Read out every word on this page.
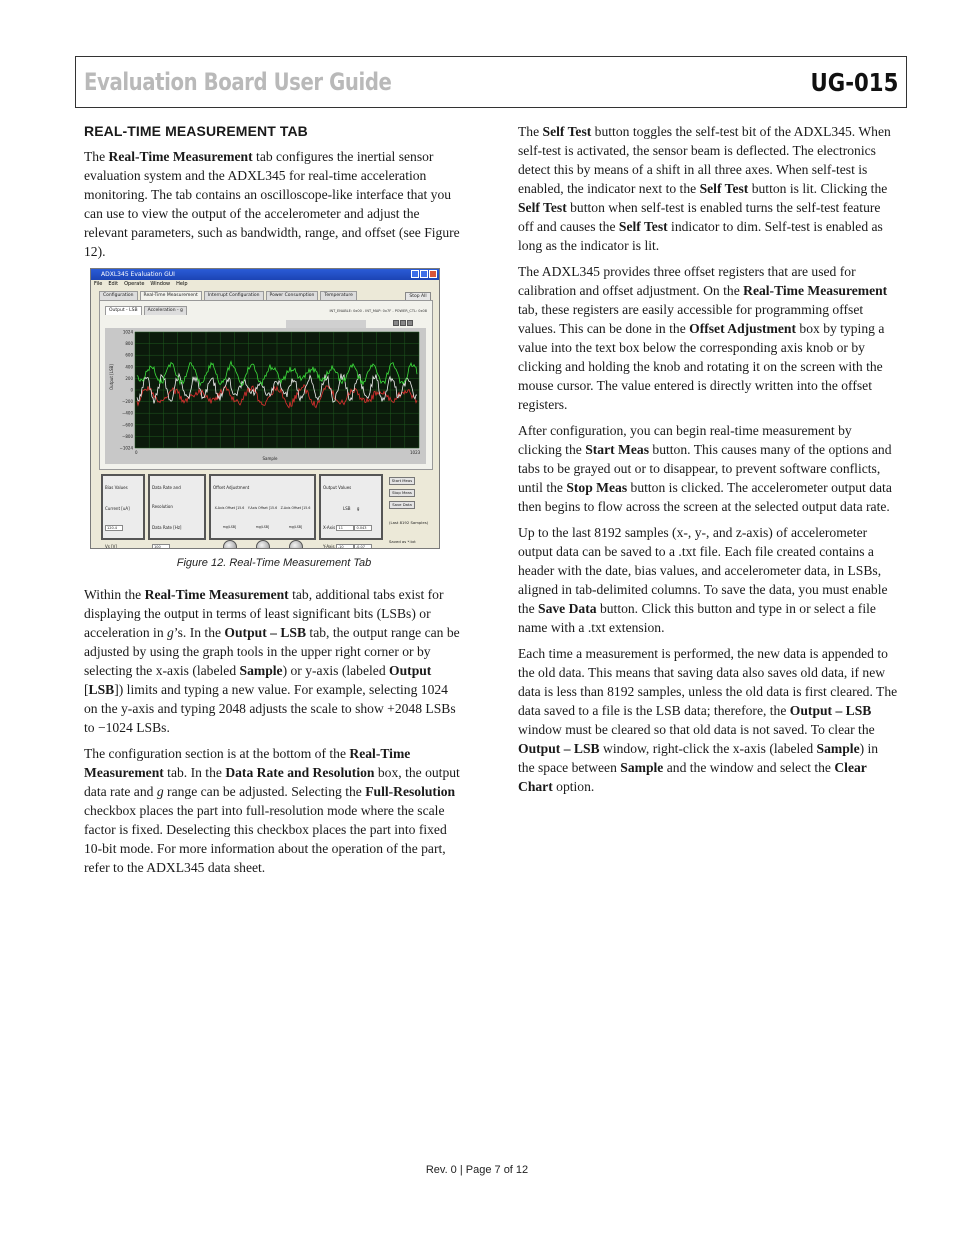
Evaluation Board User Guide	UG-015
REAL-TIME MEASUREMENT TAB

The Real-Time Measurement tab configures the inertial sensor evaluation system and the ADXL345 for real-time acceleration monitoring. The tab contains an oscilloscope-like interface that you can use to view the output of the accelerometer and adjust the relevant parameters, such as bandwidth, range, and offset (see Figure 12).

ADXL345 Evaluation GUI
File Edit Operate Window Help
Configuration	Real-Time Measurement	Interrupt Configuration	Power Consumption	Temperature	Stop All
INT_ENABLE: 0x00 - INT_MAP: 0x7F - POWER_CTL: 0x08
Output - LSB	Acceleration - g
1024
800
600
400
200
0
−200
−400
−600
−800
−1024
Output [LSB]
0	1023
Sample
Bias Values
Current [uA]
120.4
Vs [V]
Data Rate and Resolution
Data Rate [Hz]
100
Offset Adjustment
X-Axis Offset [15.6 mg/LSB]
Y-Axis Offset [15.6 mg/LSB]
Z-Axis Offset [15.6 mg/LSB]
Output Values
LSB g
X-Axis 11	0.043
Y-Axis -10	-0.07
Start Meas
Stop Meas
Save Data
(Last 8192 Samples) Saved as *.txt
Figure 12. Real-Time Measurement Tab

Within the Real-Time Measurement tab, additional tabs exist for displaying the output in terms of least significant bits (LSBs) or acceleration in g’s. In the Output – LSB tab, the output range can be adjusted by using the graph tools in the upper right corner or by selecting the x-axis (labeled Sample) or y-axis (labeled Output [LSB]) limits and typing a new value. For example, selecting 1024 on the y-axis and typing 2048 adjusts the scale to show +2048 LSBs to −1024 LSBs.

The configuration section is at the bottom of the Real-Time Measurement tab. In the Data Rate and Resolution box, the output data rate and g range can be adjusted. Selecting the Full-Resolution checkbox places the part into full-resolution mode where the scale factor is fixed. Deselecting this checkbox places the part into fixed 10-bit mode. For more information about the operation of the part, refer to the ADXL345 data sheet.

The Self Test button toggles the self-test bit of the ADXL345. When self-test is activated, the sensor beam is deflected. The electronics detect this by means of a shift in all three axes. When self-test is enabled, the indicator next to the Self Test button is lit. Clicking the Self Test button when self-test is enabled turns the self-test feature off and causes the Self Test indicator to dim. Self-test is enabled as long as the indicator is lit.

The ADXL345 provides three offset registers that are used for calibration and offset adjustment. On the Real-Time Measurement tab, these registers are easily accessible for programming offset values. This can be done in the Offset Adjustment box by typing a value into the text box below the corresponding axis knob or by clicking and holding the knob and rotating it on the screen with the mouse cursor. The value entered is directly written into the offset registers.

After configuration, you can begin real-time measurement by clicking the Start Meas button. This causes many of the options and tabs to be grayed out or to disappear, to prevent software conflicts, until the Stop Meas button is clicked. The accelerometer output data then begins to flow across the screen at the selected output data rate.

Up to the last 8192 samples (x-, y-, and z-axis) of accelerometer output data can be saved to a .txt file. Each file created contains a header with the date, bias values, and accelerometer data, in LSBs, aligned in tab-delimited columns. To save the data, you must enable the Save Data button. Click this button and type in or select a file name with a .txt extension.

Each time a measurement is performed, the new data is appended to the old data. This means that saving data also saves old data, if new data is less than 8192 samples, unless the old data is first cleared. The data saved to a file is the LSB data; therefore, the Output – LSB window must be cleared so that old data is not saved. To clear the Output – LSB window, right-click the x-axis (labeled Sample) in the space between Sample and the window and select the Clear Chart option.

Rev. 0 | Page 7 of 12
